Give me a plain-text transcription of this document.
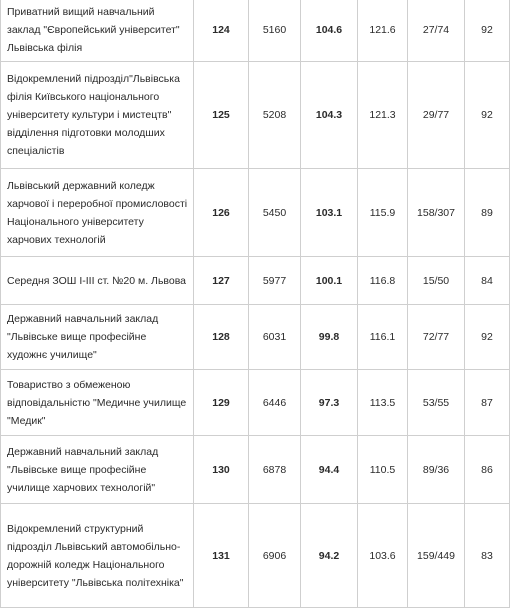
Приватний вищий навчальний заклад "Європейський університет" Львівська філія	124	5160	104.6	121.6	27/74	92
Відокремлений підрозділ"Львівська філія Київського національного університету культури і мистецтв" відділення підготовки молодших спеціалістів	125	5208	104.3	121.3	29/77	92
Львівський державний коледж харчової і переробної промисловості Національного університету харчових технологій	126	5450	103.1	115.9	158/307	89
Середня ЗОШ І-ІІІ ст. №20 м. Львова	127	5977	100.1	116.8	15/50	84
Державний навчальний заклад "Львівське вище професійне художнє училище"	128	6031	99.8	116.1	72/77	92
Товариство з обмеженою відповідальністю "Медичне училище "Медик"	129	6446	97.3	113.5	53/55	87
Державний навчальний заклад "Львівське вище професійне училище харчових технологій"	130	6878	94.4	110.5	89/36	86
Відокремлений структурний підрозділ Львівський автомобільно-дорожній коледж Національного університету "Львівська політехніка"	131	6906	94.2	103.6	159/449	83
